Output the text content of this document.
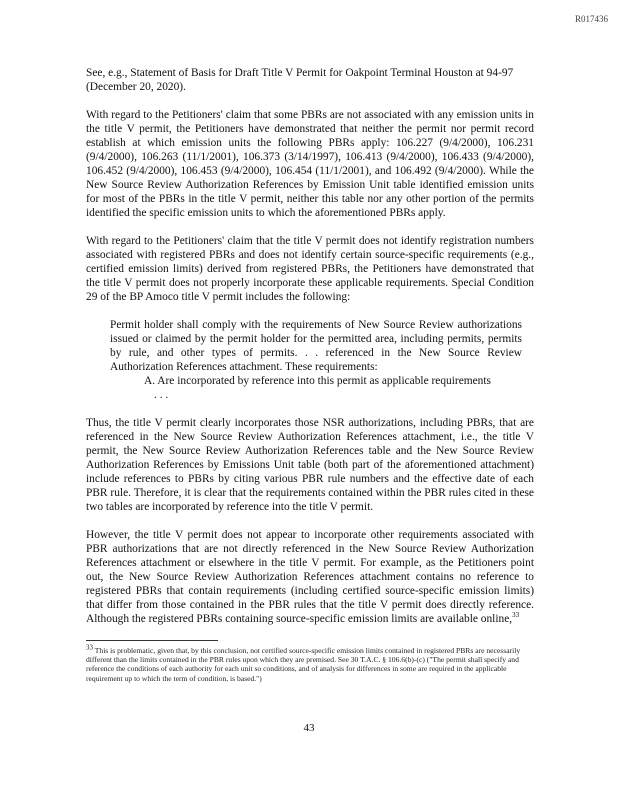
R017436

See, e.g., Statement of Basis for Draft Title V Permit for Oakpoint Terminal Houston at 94-97 (December 20, 2020).

With regard to the Petitioners' claim that some PBRs are not associated with any emission units in the title V permit, the Petitioners have demonstrated that neither the permit nor permit record establish at which emission units the following PBRs apply: 106.227 (9/4/2000), 106.231 (9/4/2000), 106.263 (11/1/2001), 106.373 (3/14/1997), 106.413 (9/4/2000), 106.433 (9/4/2000), 106.452 (9/4/2000), 106.453 (9/4/2000), 106.454 (11/1/2001), and 106.492 (9/4/2000). While the New Source Review Authorization References by Emission Unit table identified emission units for most of the PBRs in the title V permit, neither this table nor any other portion of the permits identified the specific emission units to which the aforementioned PBRs apply.

With regard to the Petitioners' claim that the title V permit does not identify registration numbers associated with registered PBRs and does not identify certain source-specific requirements (e.g., certified emission limits) derived from registered PBRs, the Petitioners have demonstrated that the title V permit does not properly incorporate these applicable requirements. Special Condition 29 of the BP Amoco title V permit includes the following:

Permit holder shall comply with the requirements of New Source Review authorizations issued or claimed by the permit holder for the permitted area, including permits, permits by rule, and other types of permits. . . referenced in the New Source Review Authorization References attachment. These requirements:
A. Are incorporated by reference into this permit as applicable requirements
. . .

Thus, the title V permit clearly incorporates those NSR authorizations, including PBRs, that are referenced in the New Source Review Authorization References attachment, i.e., the title V permit, the New Source Review Authorization References table and the New Source Review Authorization References by Emissions Unit table (both part of the aforementioned attachment) include references to PBRs by citing various PBR rule numbers and the effective date of each PBR rule. Therefore, it is clear that the requirements contained within the PBR rules cited in these two tables are incorporated by reference into the title V permit.

However, the title V permit does not appear to incorporate other requirements associated with PBR authorizations that are not directly referenced in the New Source Review Authorization References attachment or elsewhere in the title V permit. For example, as the Petitioners point out, the New Source Review Authorization References attachment contains no reference to registered PBRs that contain requirements (including certified source-specific emission limits) that differ from those contained in the PBR rules that the title V permit does directly reference. Although the registered PBRs containing source-specific emission limits are available online,$^{33}$

$^{33}$ This is problematic, given that, by this conclusion, not certified source-specific emission limits contained in registered PBRs are necessarily different than the limits contained in the PBR rules upon which they are premised. See 30 T.A.C. § 106.6(b)-(c) ("The permit shall specify and reference the conditions of each authority for each unit so conditions, and of analysis for differences in some are required in the applicable requirement up to which the term of condition, is based.")
43
